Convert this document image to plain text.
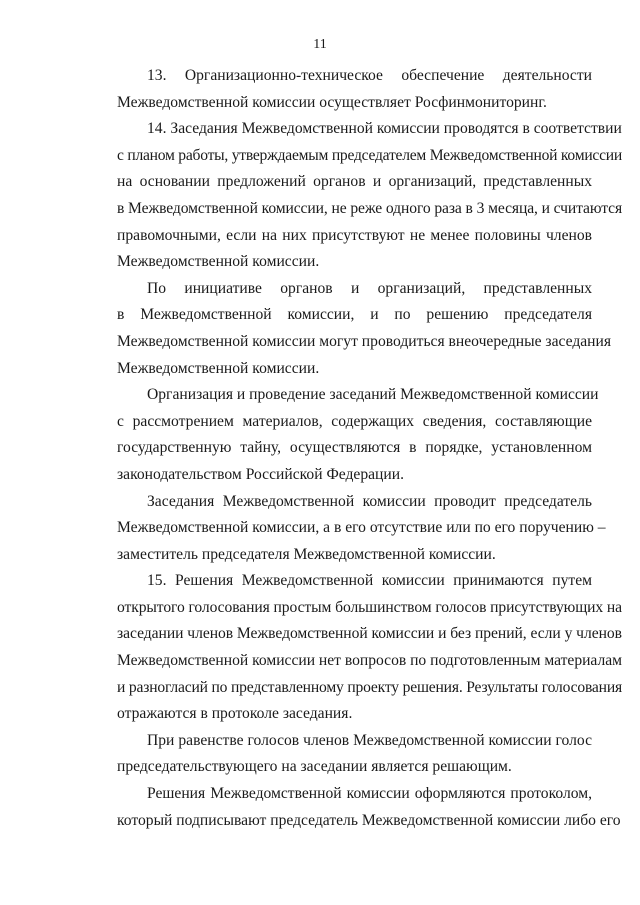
11
13. Организационно-техническое обеспечение деятельности
Межведомственной комиссии осуществляет Росфинмониторинг.
14. Заседания Межведомственной комиссии проводятся в соответствии
с планом работы, утверждаемым председателем Межведомственной комиссии
на основании предложений органов и организаций, представленных
в Межведомственной комиссии, не реже одного раза в 3 месяца, и считаются
правомочными, если на них присутствуют не менее половины членов
Межведомственной комиссии.
По инициативе органов и организаций, представленных
в Межведомственной комиссии, и по решению председателя
Межведомственной комиссии могут проводиться внеочередные заседания
Межведомственной комиссии.
Организация и проведение заседаний Межведомственной комиссии
с рассмотрением материалов, содержащих сведения, составляющие
государственную тайну, осуществляются в порядке, установленном
законодательством Российской Федерации.
Заседания Межведомственной комиссии проводит председатель
Межведомственной комиссии, а в его отсутствие или по его поручению –
заместитель председателя Межведомственной комиссии.
15. Решения Межведомственной комиссии принимаются путем
открытого голосования простым большинством голосов присутствующих на
заседании членов Межведомственной комиссии и без прений, если у членов
Межведомственной комиссии нет вопросов по подготовленным материалам
и разногласий по представленному проекту решения. Результаты голосования
отражаются в протоколе заседания.
При равенстве голосов членов Межведомственной комиссии голос
председательствующего на заседании является решающим.
Решения Межведомственной комиссии оформляются протоколом,
который подписывают председатель Межведомственной комиссии либо его
